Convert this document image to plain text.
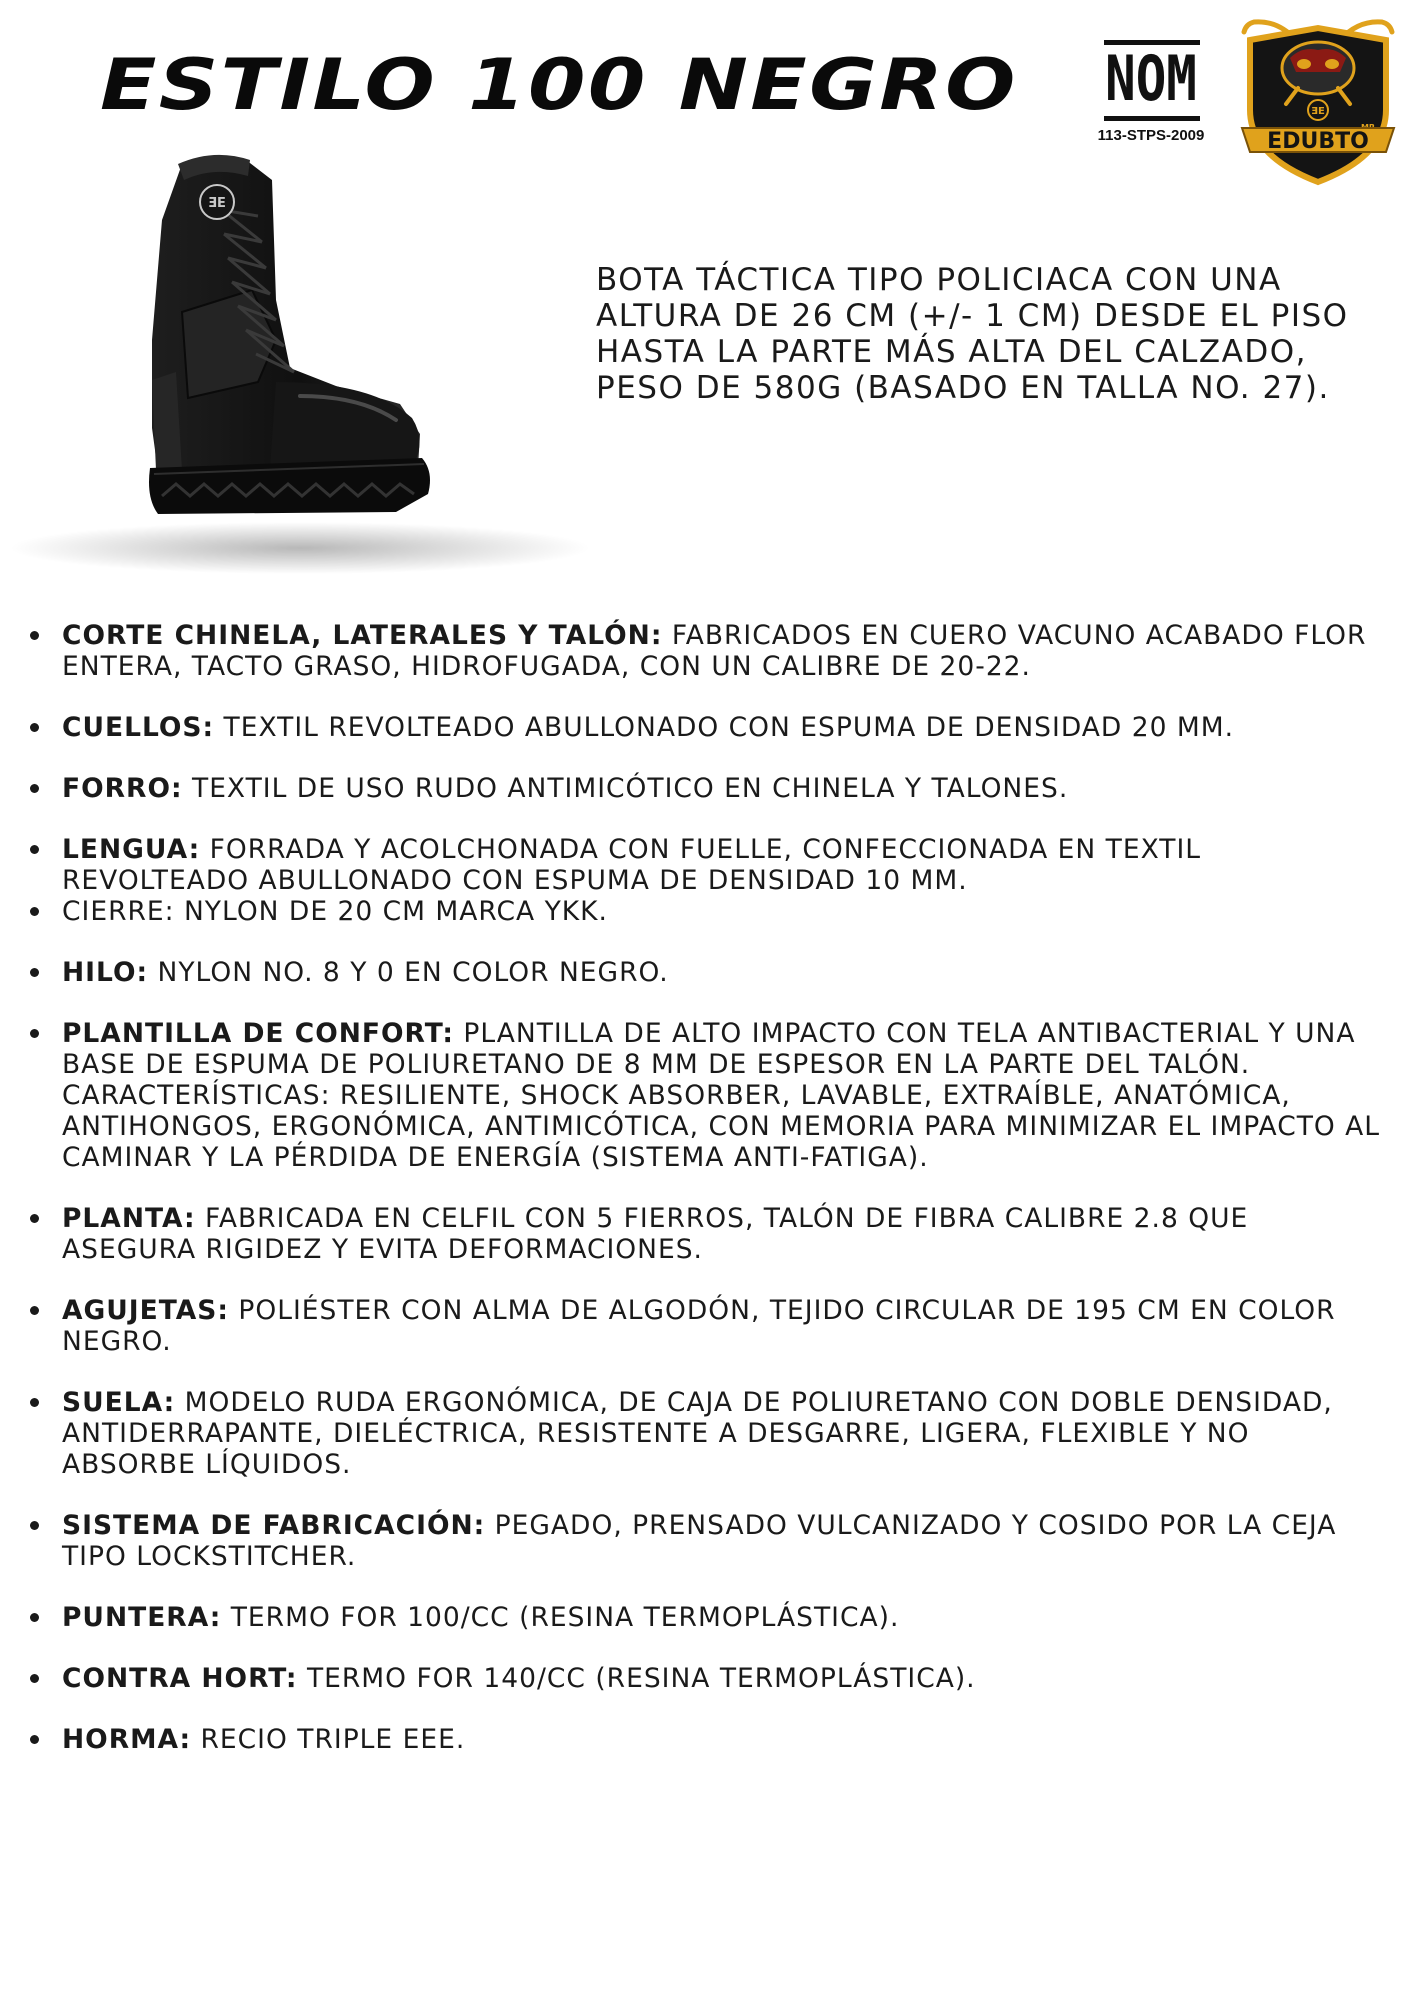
ESTILO 100 NEGRO	NOM
113-STPS-2009
ƎE
EDUBTO
ƎE

BOTA TÁCTICA TIPO POLICIACA CON UNA ALTURA DE 26 CM (+/- 1 CM) DESDE EL PISO HASTA LA PARTE MÁS ALTA DEL CALZADO, PESO DE 580G (BASADO EN TALLA NO. 27).

CORTE CHINELA, LATERALES Y TALÓN: FABRICADOS EN CUERO VACUNO ACABADO FLOR ENTERA, TACTO GRASO, HIDROFUGADA, CON UN CALIBRE DE 20-22.
CUELLOS: TEXTIL REVOLTEADO ABULLONADO CON ESPUMA DE DENSIDAD 20 MM.
FORRO: TEXTIL DE USO RUDO ANTIMICÓTICO EN CHINELA Y TALONES.
LENGUA: FORRADA Y ACOLCHONADA CON FUELLE, CONFECCIONADA EN TEXTIL REVOLTEADO ABULLONADO CON ESPUMA DE DENSIDAD 10 MM.
CIERRE: NYLON DE 20 CM MARCA YKK.
HILO: NYLON NO. 8 Y 0 EN COLOR NEGRO.
PLANTILLA DE CONFORT: PLANTILLA DE ALTO IMPACTO CON TELA ANTIBACTERIAL Y UNA BASE DE ESPUMA DE POLIURETANO DE 8 MM DE ESPESOR EN LA PARTE DEL TALÓN. CARACTERÍSTICAS: RESILIENTE, SHOCK ABSORBER, LAVABLE, EXTRAÍBLE, ANATÓMICA, ANTIHONGOS, ERGONÓMICA, ANTIMICÓTICA, CON MEMORIA PARA MINIMIZAR EL IMPACTO AL CAMINAR Y LA PÉRDIDA DE ENERGÍA (SISTEMA ANTI-FATIGA).
PLANTA: FABRICADA EN CELFIL CON 5 FIERROS, TALÓN DE FIBRA CALIBRE 2.8 QUE ASEGURA RIGIDEZ Y EVITA DEFORMACIONES.
AGUJETAS: POLIÉSTER CON ALMA DE ALGODÓN, TEJIDO CIRCULAR DE 195 CM EN COLOR NEGRO.
SUELA: MODELO RUDA ERGONÓMICA, DE CAJA DE POLIURETANO CON DOBLE DENSIDAD, ANTIDERRAPANTE, DIELÉCTRICA, RESISTENTE A DESGARRE, LIGERA, FLEXIBLE Y NO ABSORBE LÍQUIDOS.
SISTEMA DE FABRICACIÓN: PEGADO, PRENSADO VULCANIZADO Y COSIDO POR LA CEJA TIPO LOCKSTITCHER.
PUNTERA: TERMO FOR 100/CC (RESINA TERMOPLÁSTICA).
CONTRA HORT: TERMO FOR 140/CC (RESINA TERMOPLÁSTICA).
HORMA: RECIO TRIPLE EEE.
